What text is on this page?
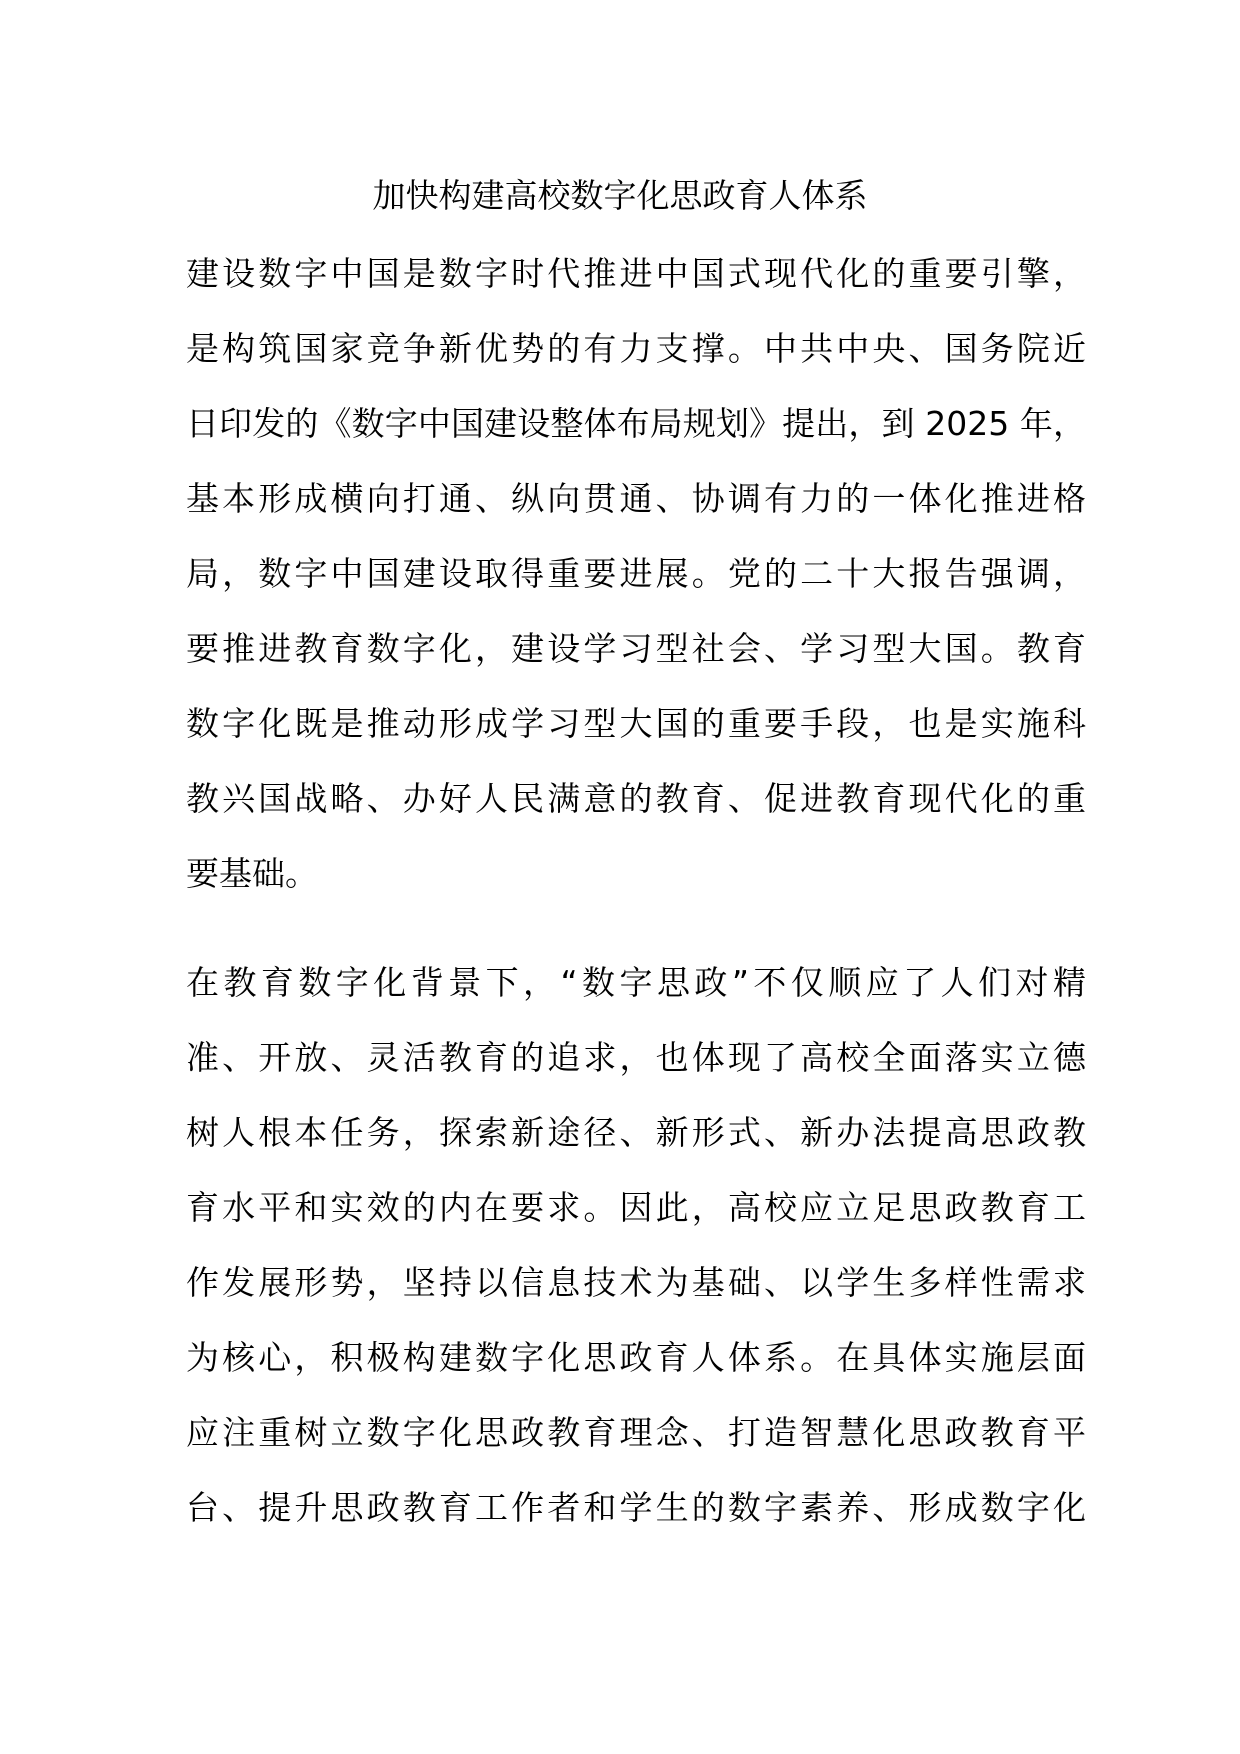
加快构建高校数字化思政育人体系
建设数字中国是数字时代推进中国式现代化的重要引擎，
是构筑国家竞争新优势的有力支撑。中共中央、国务院近
日印发的《数字中国建设整体布局规划》提出，到 2025 年，
基本形成横向打通、纵向贯通、协调有力的一体化推进格
局，数字中国建设取得重要进展。党的二十大报告强调，
要推进教育数字化，建设学习型社会、学习型大国。教育
数字化既是推动形成学习型大国的重要手段，也是实施科
教兴国战略、办好人民满意的教育、促进教育现代化的重
要基础。
在教育数字化背景下，“数字思政”不仅顺应了人们对精
准、开放、灵活教育的追求，也体现了高校全面落实立德
树人根本任务，探索新途径、新形式、新办法提高思政教
育水平和实效的内在要求。因此，高校应立足思政教育工
作发展形势，坚持以信息技术为基础、以学生多样性需求
为核心，积极构建数字化思政育人体系。在具体实施层面
应注重树立数字化思政教育理念、打造智慧化思政教育平
台、提升思政教育工作者和学生的数字素养、形成数字化
